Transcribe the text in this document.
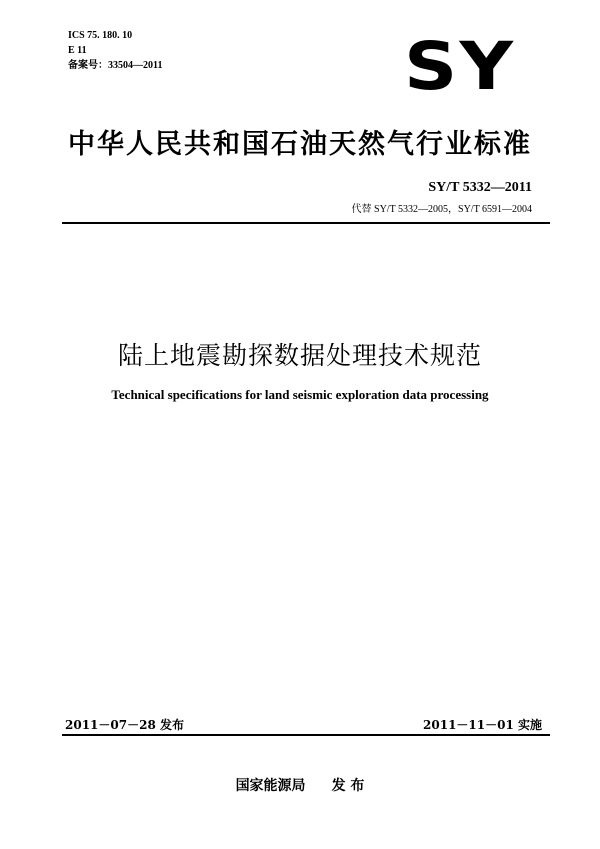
ICS 75. 180. 10
E 11
备案号：33504—2011	SY
中华人民共和国石油天然气行业标准
SY/T 5332—2011
代替 SY/T 5332—2005，SY/T 6591—2004
陆上地震勘探数据处理技术规范
Technical specifications for land seismic exploration data processing
2011－07－28 发布	2011－11－01 实施
国家能源局 发 布
